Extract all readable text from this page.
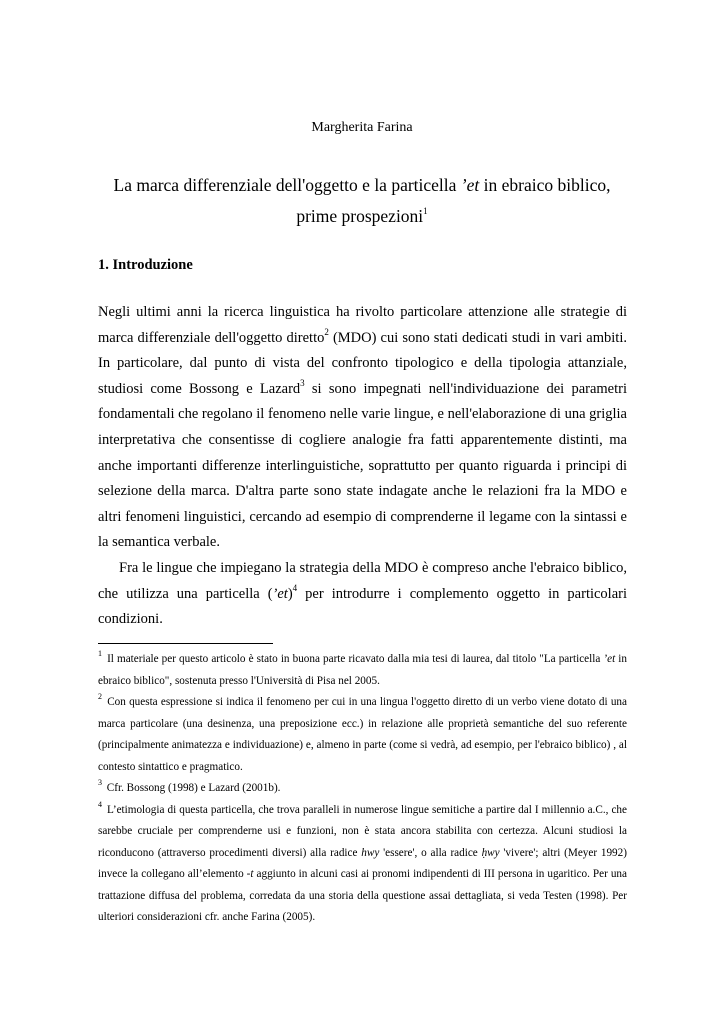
Margherita Farina
La marca differenziale dell'oggetto e la particella ’et in ebraico biblico,
prime prospezioni$^1$
1. Introduzione

Negli ultimi anni la ricerca linguistica ha rivolto particolare attenzione alle strategie di marca differenziale dell'oggetto diretto$^2$ (MDO) cui sono stati dedicati studi in vari ambiti. In particolare, dal punto di vista del confronto tipologico e della tipologia attanziale, studiosi come Bossong e Lazard$^3$ si sono impegnati nell'individuazione dei parametri fondamentali che regolano il fenomeno nelle varie lingue, e nell'elaborazione di una griglia interpretativa che consentisse di cogliere analogie fra fatti apparentemente distinti, ma anche importanti differenze interlinguistiche, soprattutto per quanto riguarda i principi di selezione della marca. D'altra parte sono state indagate anche le relazioni fra la MDO e altri fenomeni linguistici, cercando ad esempio di comprenderne il legame con la sintassi e la semantica verbale.

Fra le lingue che impiegano la strategia della MDO è compreso anche l'ebraico biblico, che utilizza una particella (’et)$^4$ per introdurre i complemento oggetto in particolari condizioni.

$^1$ Il materiale per questo articolo è stato in buona parte ricavato dalla mia tesi di laurea, dal titolo "La particella ’et in ebraico biblico", sostenuta presso l'Università di Pisa nel 2005.

$^2$ Con questa espressione si indica il fenomeno per cui in una lingua l'oggetto diretto di un verbo viene dotato di una marca particolare (una desinenza, una preposizione ecc.) in relazione alle proprietà semantiche del suo referente (principalmente animatezza e individuazione) e, almeno in parte (come si vedrà, ad esempio, per l'ebraico biblico) , al contesto sintattico e pragmatico.

$^3$ Cfr. Bossong (1998) e Lazard (2001b).

$^4$ L’etimologia di questa particella, che trova paralleli in numerose lingue semitiche a partire dal I millennio a.C., che sarebbe cruciale per comprenderne usi e funzioni, non è stata ancora stabilita con certezza. Alcuni studiosi la riconducono (attraverso procedimenti diversi) alla radice hwy 'essere', o alla radice ḥwy 'vivere'; altri (Meyer 1992) invece la collegano all’elemento -t aggiunto in alcuni casi ai pronomi indipendenti di III persona in ugaritico. Per una trattazione diffusa del problema, corredata da una storia della questione assai dettagliata, si veda Testen (1998). Per ulteriori considerazioni cfr. anche Farina (2005).
